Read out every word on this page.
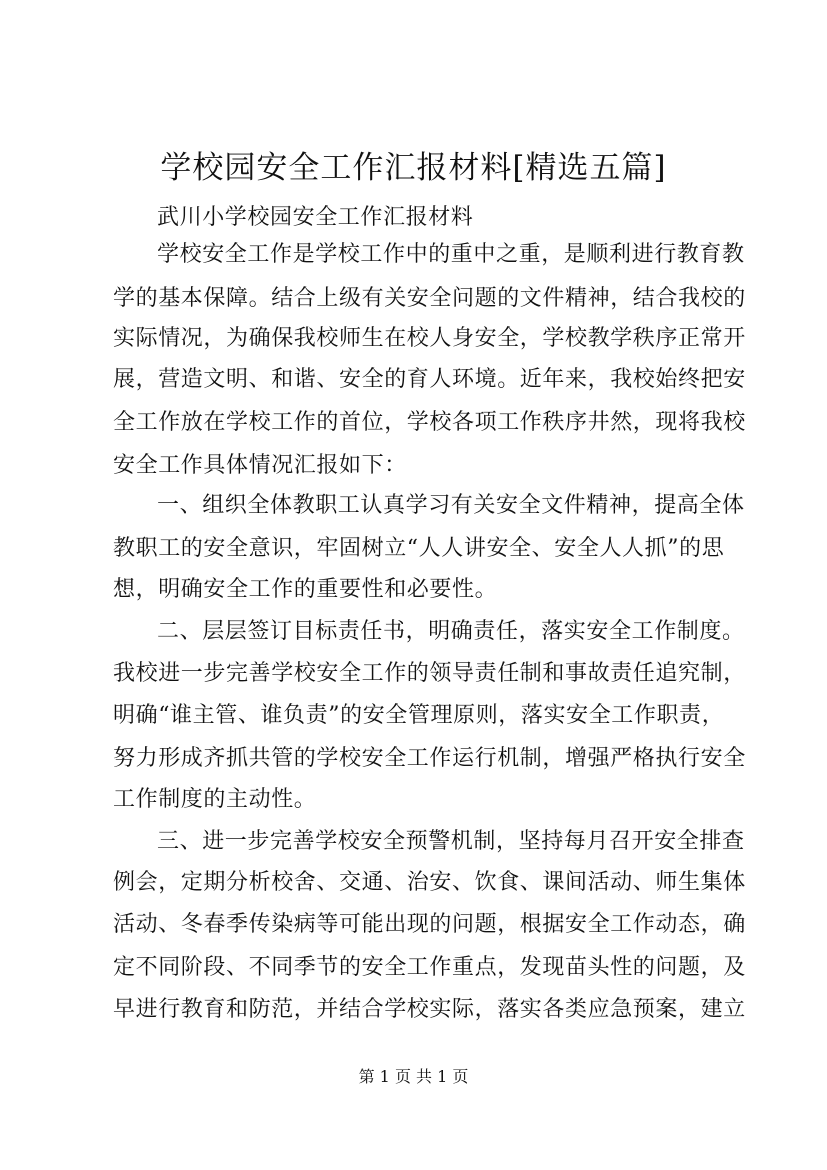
学校园安全工作汇报材料[精选五篇]
武川小学校园安全工作汇报材料
学校安全工作是学校工作中的重中之重，是顺利进行教育教
学的基本保障。结合上级有关安全问题的文件精神，结合我校的
实际情况，为确保我校师生在校人身安全，学校教学秩序正常开
展，营造文明、和谐、安全的育人环境。近年来，我校始终把安
全工作放在学校工作的首位，学校各项工作秩序井然，现将我校
安全工作具体情况汇报如下：
一、组织全体教职工认真学习有关安全文件精神，提高全体
教职工的安全意识，牢固树立“人人讲安全、安全人人抓”的思
想，明确安全工作的重要性和必要性。
二、层层签订目标责任书，明确责任，落实安全工作制度。
我校进一步完善学校安全工作的领导责任制和事故责任追究制，
明确“谁主管、谁负责”的安全管理原则，落实安全工作职责，
努力形成齐抓共管的学校安全工作运行机制，增强严格执行安全
工作制度的主动性。
三、进一步完善学校安全预警机制，坚持每月召开安全排查
例会，定期分析校舍、交通、治安、饮食、课间活动、师生集体
活动、冬春季传染病等可能出现的问题，根据安全工作动态，确
定不同阶段、不同季节的安全工作重点，发现苗头性的问题，及
早进行教育和防范，并结合学校实际，落实各类应急预案，建立
第 1 页 共 1 页
